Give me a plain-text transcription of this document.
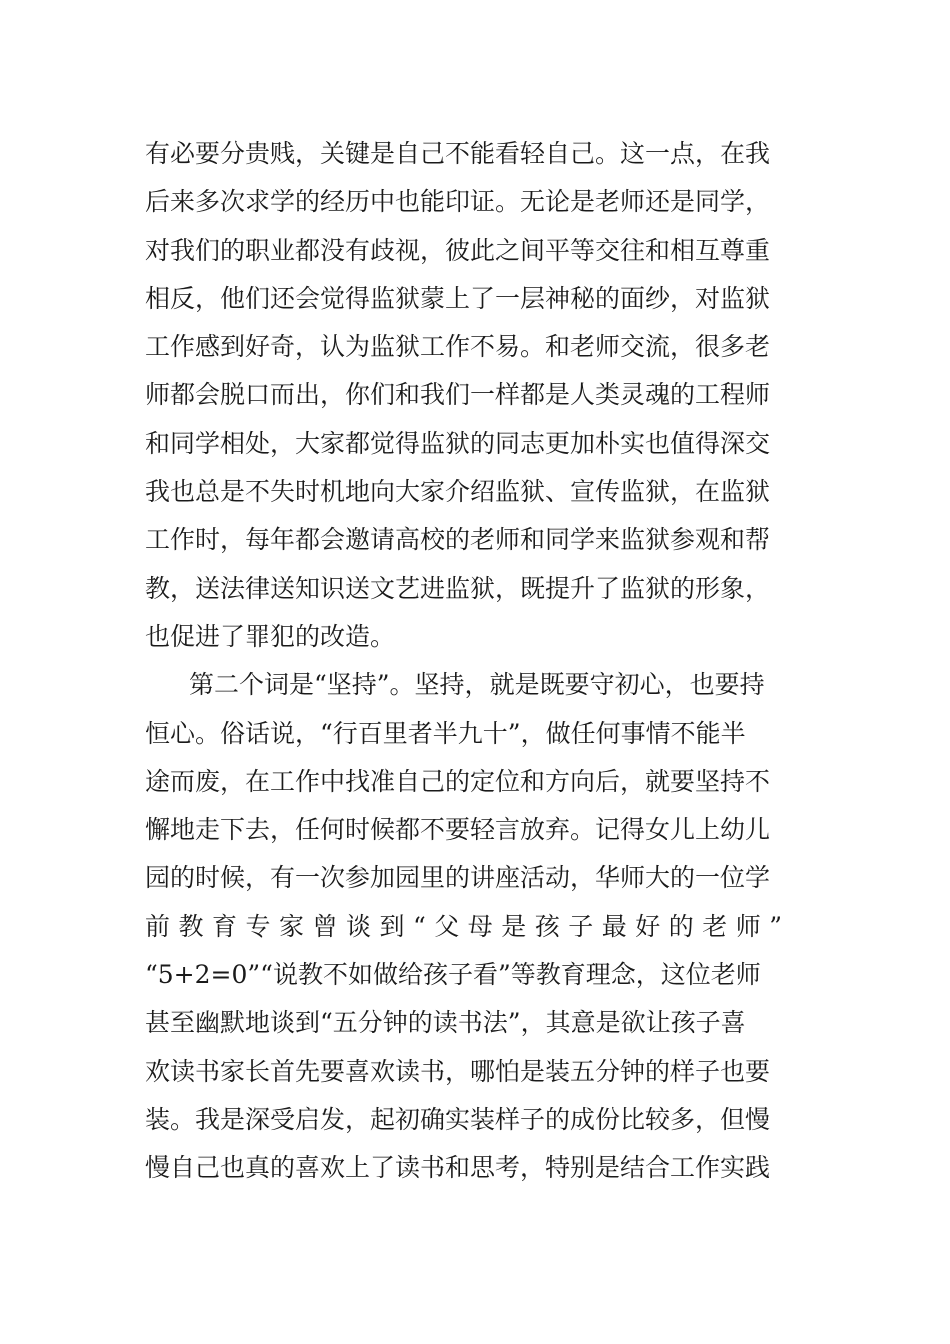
有必要分贵贱，关键是自己不能看轻自己。这一点，在我
后来多次求学的经历中也能印证。无论是老师还是同学，
对我们的职业都没有歧视，彼此之间平等交往和相互尊重
相反，他们还会觉得监狱蒙上了一层神秘的面纱，对监狱
工作感到好奇，认为监狱工作不易。和老师交流，很多老
师都会脱口而出，你们和我们一样都是人类灵魂的工程师
和同学相处，大家都觉得监狱的同志更加朴实也值得深交
我也总是不失时机地向大家介绍监狱、宣传监狱，在监狱
工作时，每年都会邀请高校的老师和同学来监狱参观和帮
教，送法律送知识送文艺进监狱，既提升了监狱的形象，
也促进了罪犯的改造。
第二个词是“坚持”。坚持，就是既要守初心，也要持
恒心。俗话说，“行百里者半九十”，做任何事情不能半
途而废，在工作中找准自己的定位和方向后，就要坚持不
懈地走下去，任何时候都不要轻言放弃。记得女儿上幼儿
园的时候，有一次参加园里的讲座活动，华师大的一位学
前教育专家曾谈到“父母是孩子最好的老师”
“5+2=0”“说教不如做给孩子看”等教育理念，这位老师
甚至幽默地谈到“五分钟的读书法”，其意是欲让孩子喜
欢读书家长首先要喜欢读书，哪怕是装五分钟的样子也要
装。我是深受启发，起初确实装样子的成份比较多，但慢
慢自己也真的喜欢上了读书和思考，特别是结合工作实践
